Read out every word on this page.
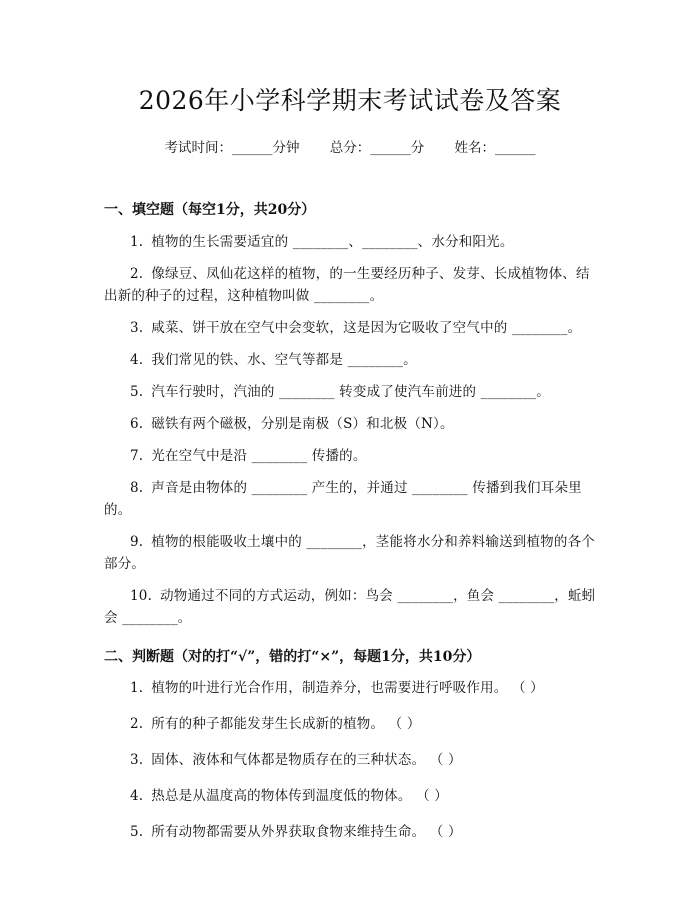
2026年小学科学期末考试试卷及答案
考试时间：______分钟 总分：______分 姓名：______

一、填空题（每空1分，共20分）

1. 植物的生长需要适宜的 ________、________、水分和阳光。

2. 像绿豆、凤仙花这样的植物，的一生要经历种子、发芽、长成植物体、结出新的种子的过程，这种植物叫做 ________。

3. 咸菜、饼干放在空气中会变软，这是因为它吸收了空气中的 ________。

4. 我们常见的铁、水、空气等都是 ________。

5. 汽车行驶时，汽油的 ________ 转变成了使汽车前进的 ________。

6. 磁铁有两个磁极，分别是南极（S）和北极（N）。

7. 光在空气中是沿 ________ 传播的。

8. 声音是由物体的 ________ 产生的，并通过 ________ 传播到我们耳朵里的。

9. 植物的根能吸收土壤中的 ________，茎能将水分和养料输送到植物的各个部分。

10. 动物通过不同的方式运动，例如：鸟会 ________，鱼会 ________，蚯蚓会 ________。

二、判断题（对的打“√”，错的打“×”，每题1分，共10分）

1. 植物的叶进行光合作用，制造养分，也需要进行呼吸作用。 （ ）

2. 所有的种子都能发芽生长成新的植物。 （ ）

3. 固体、液体和气体都是物质存在的三种状态。 （ ）

4. 热总是从温度高的物体传到温度低的物体。 （ ）

5. 所有动物都需要从外界获取食物来维持生命。 （ ）
